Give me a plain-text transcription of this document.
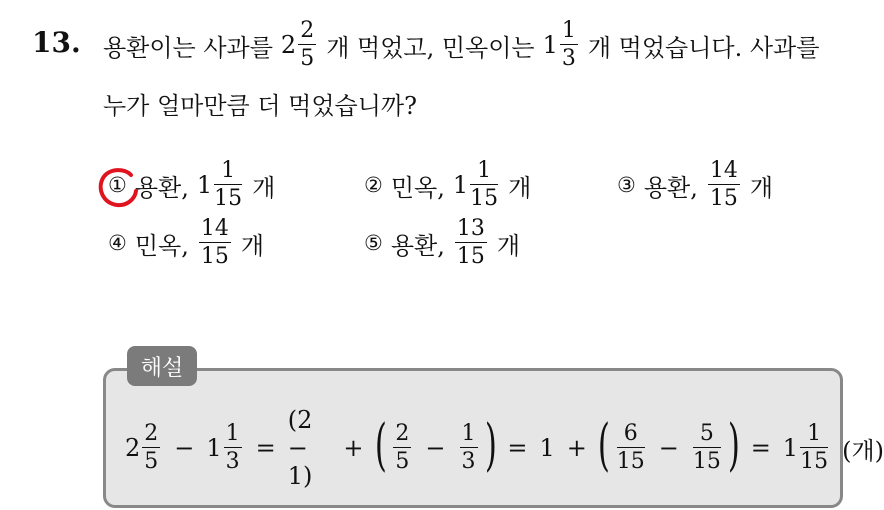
13. 용환이는 사과를 $2 \frac{2}{5}$ 개 먹었고, 민옥이는 $1 \frac{1}{3}$ 개 먹었습니다. 사과를
누가 얼마만큼 더 먹었습니까?
① 용환, $1 \frac{1}{15}$ 개	② 민옥, $1 \frac{1}{15}$ 개	③ 용환, $\frac{14}{15}$ 개
④ 민옥, $\frac{14}{15}$ 개	⑤ 용환, $\frac{13}{15}$ 개
해설
$2 \frac{2}{5} - 1 \frac{1}{3}$ =
(2 − 1)
+ ( $\frac{2}{5} - \frac{1}{3}$ ) = 1 + ( $\frac{6}{15} - \frac{5}{15}$ ) = $1 \frac{1}{15}$ (개)
